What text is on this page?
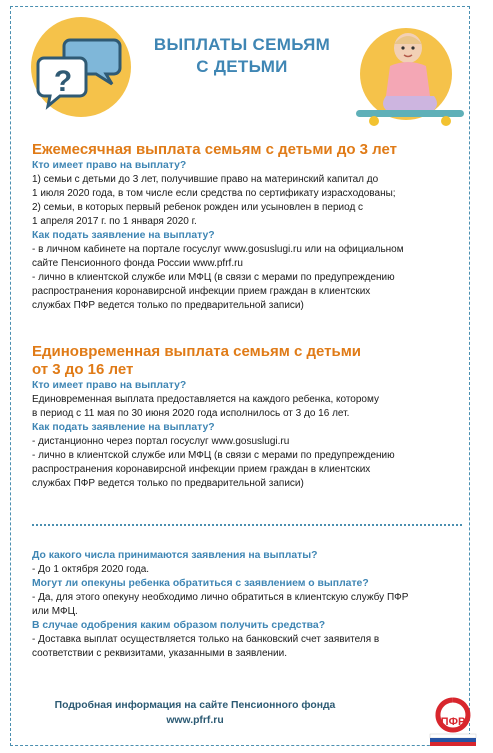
?
ВЫПЛАТЫ СЕМЬЯМ
С ДЕТЬМИ

Ежемесячная выплата семьям с детьми до 3 лет

Кто имеет право на выплату?

1) семьи с детьми до 3 лет, получившие право на материнский капитал до

1 июля 2020 года, в том числе если средства по сертификату израсходованы;

2) семьи, в которых первый ребенок рожден или усыновлен в период с

1 апреля 2017 г. по 1 января 2020 г.

Как подать заявление на выплату?

- в личном кабинете на портале госуслуг www.gosuslugi.ru или на официальном

сайте Пенсионного фонда России www.pfrf.ru

- лично в клиентской службе или МФЦ (в связи с мерами по предупреждению

распространения коронавирсной инфекции прием граждан в клиентских

службах ПФР ведется только по предварительной записи)

Единовременная выплата семьям с детьми

от 3 до 16 лет

Кто имеет право на выплату?

Единовременная выплата предоставляется на каждого ребенка, которому

в период с 11 мая по 30 июня 2020 года исполнилось от 3 до 16 лет.

Как подать заявление на выплату?

- дистанционно через портал госуслуг www.gosuslugi.ru

- лично в клиентской службе или МФЦ (в связи с мерами по предупреждению

распространения коронавирсной инфекции прием граждан в клиентских

службах ПФР ведется только по предварительной записи)

До какого числа принимаются заявления на выплаты?

- До 1 октября 2020 года.

Могут ли опекуны ребенка обратиться с заявлением о выплате?

- Да, для этого опекуну необходимо лично обратиться в клиентскую службу ПФР

или МФЦ.

В случае одобрения каким образом получить средства?

- Доставка выплат осуществляется только на банковский счет заявителя в

соответствии с реквизитами, указанными в заявлении.

Подробная информация на сайте Пенсионного фонда
www.pfrf.ru	ПФР
